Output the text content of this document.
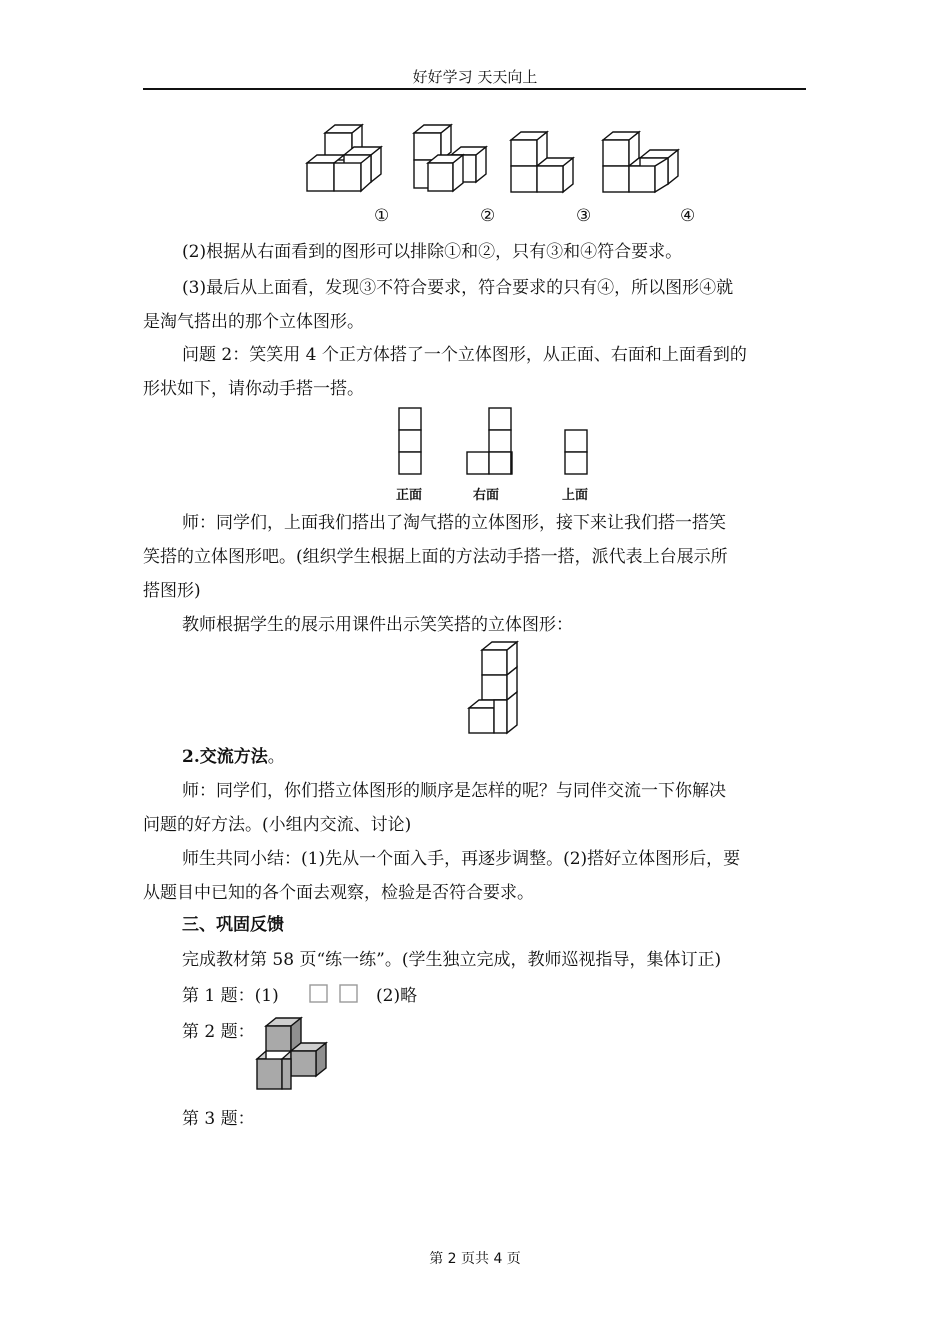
好好学习 天天向上
①	②	③	④
(2)根据从右面看到的图形可以排除①和②，只有③和④符合要求。
(3)最后从上面看，发现③不符合要求，符合要求的只有④，所以图形④就
是淘气搭出的那个立体图形。
问题 2：笑笑用 4 个正方体搭了一个立体图形，从正面、右面和上面看到的
形状如下，请你动手搭一搭。
正面	右面	上面
师：同学们，上面我们搭出了淘气搭的立体图形，接下来让我们搭一搭笑
笑搭的立体图形吧。(组织学生根据上面的方法动手搭一搭，派代表上台展示所
搭图形)
教师根据学生的展示用课件出示笑笑搭的立体图形：
2.交流方法。
师：同学们，你们搭立体图形的顺序是怎样的呢？与同伴交流一下你解决
问题的好方法。(小组内交流、讨论)
师生共同小结：(1)先从一个面入手，再逐步调整。(2)搭好立体图形后，要
从题目中已知的各个面去观察，检验是否符合要求。
三、巩固反馈
完成教材第 58 页“练一练”。(学生独立完成，教师巡视指导，集体订正)
第 1 题：(1)	(2)略
第 2 题：
第 3 题：
第 2 页共 4 页
